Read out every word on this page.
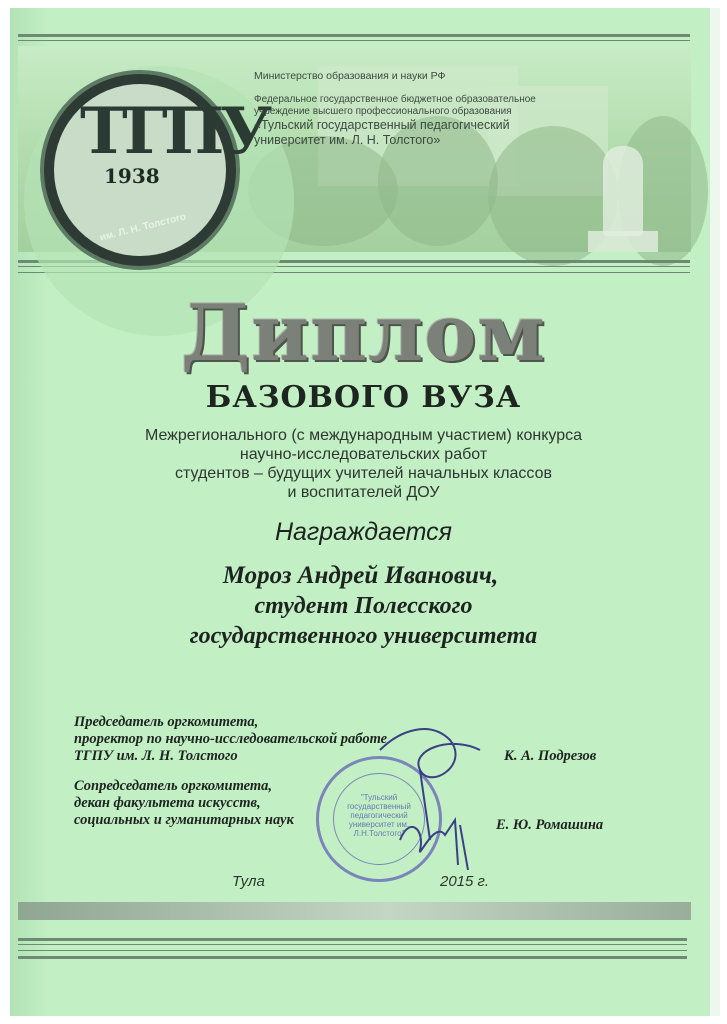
ТГПУ
1938
им. Л. Н. Толстого
Министерство образования и науки РФ
Федеральное государственное бюджетное образовательное учреждение высшего профессионального образования
«Тульский государственный педагогический университет им. Л. Н. Толстого»
Диплом
БАЗОВОГО ВУЗА
Межрегионального (с международным участием) конкурса
научно-исследовательских работ
студентов – будущих учителей начальных классов
и воспитателей ДОУ
Награждается
Мороз Андрей Иванович,
студент Полесского
государственного университета
Председатель оргкомитета,
проректор по научно-исследовательской работе
ТГПУ им. Л. Н. Толстого	К. А. Подрезов
Сопредседатель оргкомитета,
декан факультета искусств,
социальных и гуманитарных наук	Е. Ю. Ромашина
"Тульский государственный педагогический университет им. Л.Н.Толстого"
Тула	2015 г.
